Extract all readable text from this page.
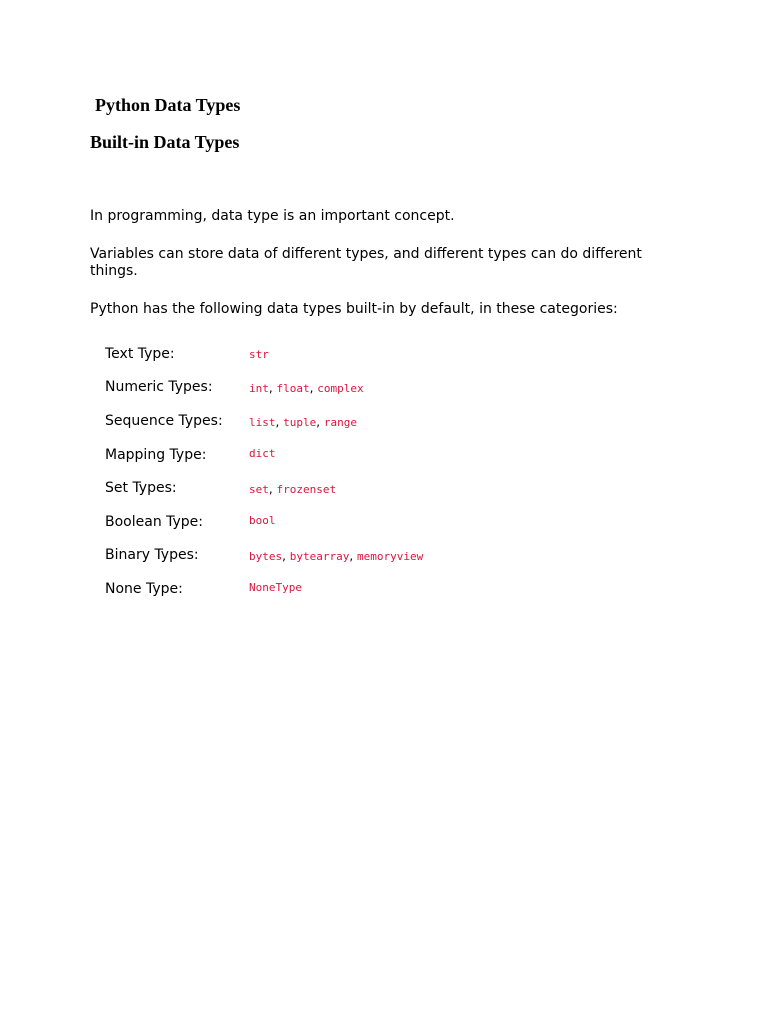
Python Data Types
Built-in Data Types

In programming, data type is an important concept.

Variables can store data of different types, and different types can do different things.

Python has the following data types built-in by default, in these categories:

Text Type:	str
Numeric Types:	int, float, complex
Sequence Types: list, tuple, range
Mapping Type:	dict
Set Types:	set, frozenset
Boolean Type:	bool
Binary Types:	bytes, bytearray, memoryview
None Type:	NoneType
